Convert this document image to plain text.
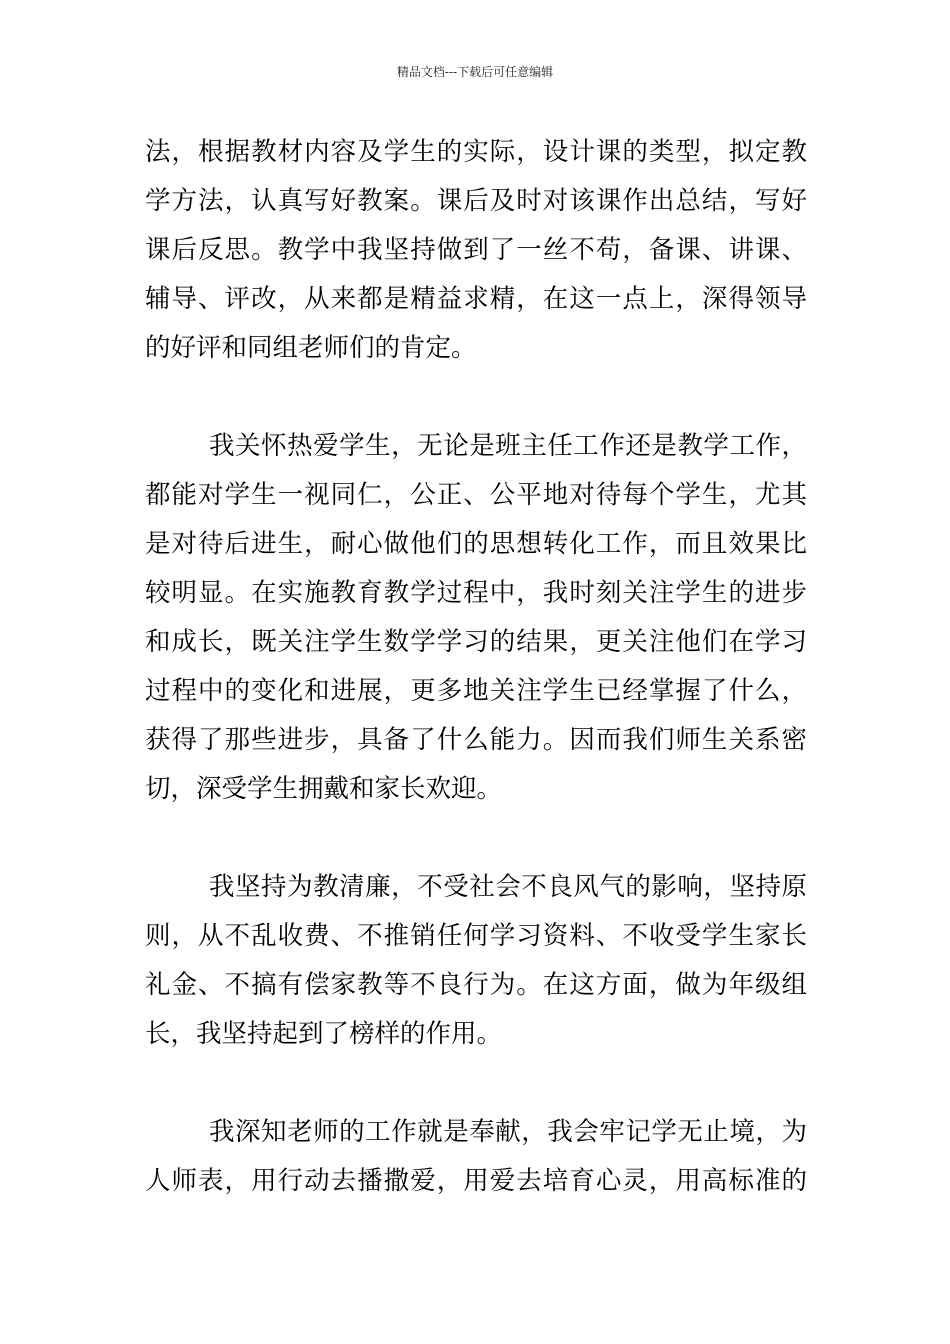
精品文档---下载后可任意编辑
法，根据教材内容及学生的实际，设计课的类型，拟定教
学方法，认真写好教案。课后及时对该课作出总结，写好
课后反思。教学中我坚持做到了一丝不苟，备课、讲课、
辅导、评改，从来都是精益求精，在这一点上，深得领导
的好评和同组老师们的肯定。
我关怀热爱学生，无论是班主任工作还是教学工作，
都能对学生一视同仁，公正、公平地对待每个学生，尤其
是对待后进生，耐心做他们的思想转化工作，而且效果比
较明显。在实施教育教学过程中，我时刻关注学生的进步
和成长，既关注学生数学学习的结果，更关注他们在学习
过程中的变化和进展，更多地关注学生已经掌握了什么，
获得了那些进步，具备了什么能力。因而我们师生关系密
切，深受学生拥戴和家长欢迎。
我坚持为教清廉，不受社会不良风气的影响，坚持原
则，从不乱收费、不推销任何学习资料、不收受学生家长
礼金、不搞有偿家教等不良行为。在这方面，做为年级组
长，我坚持起到了榜样的作用。
我深知老师的工作就是奉献，我会牢记学无止境，为
人师表，用行动去播撒爱，用爱去培育心灵，用高标准的
